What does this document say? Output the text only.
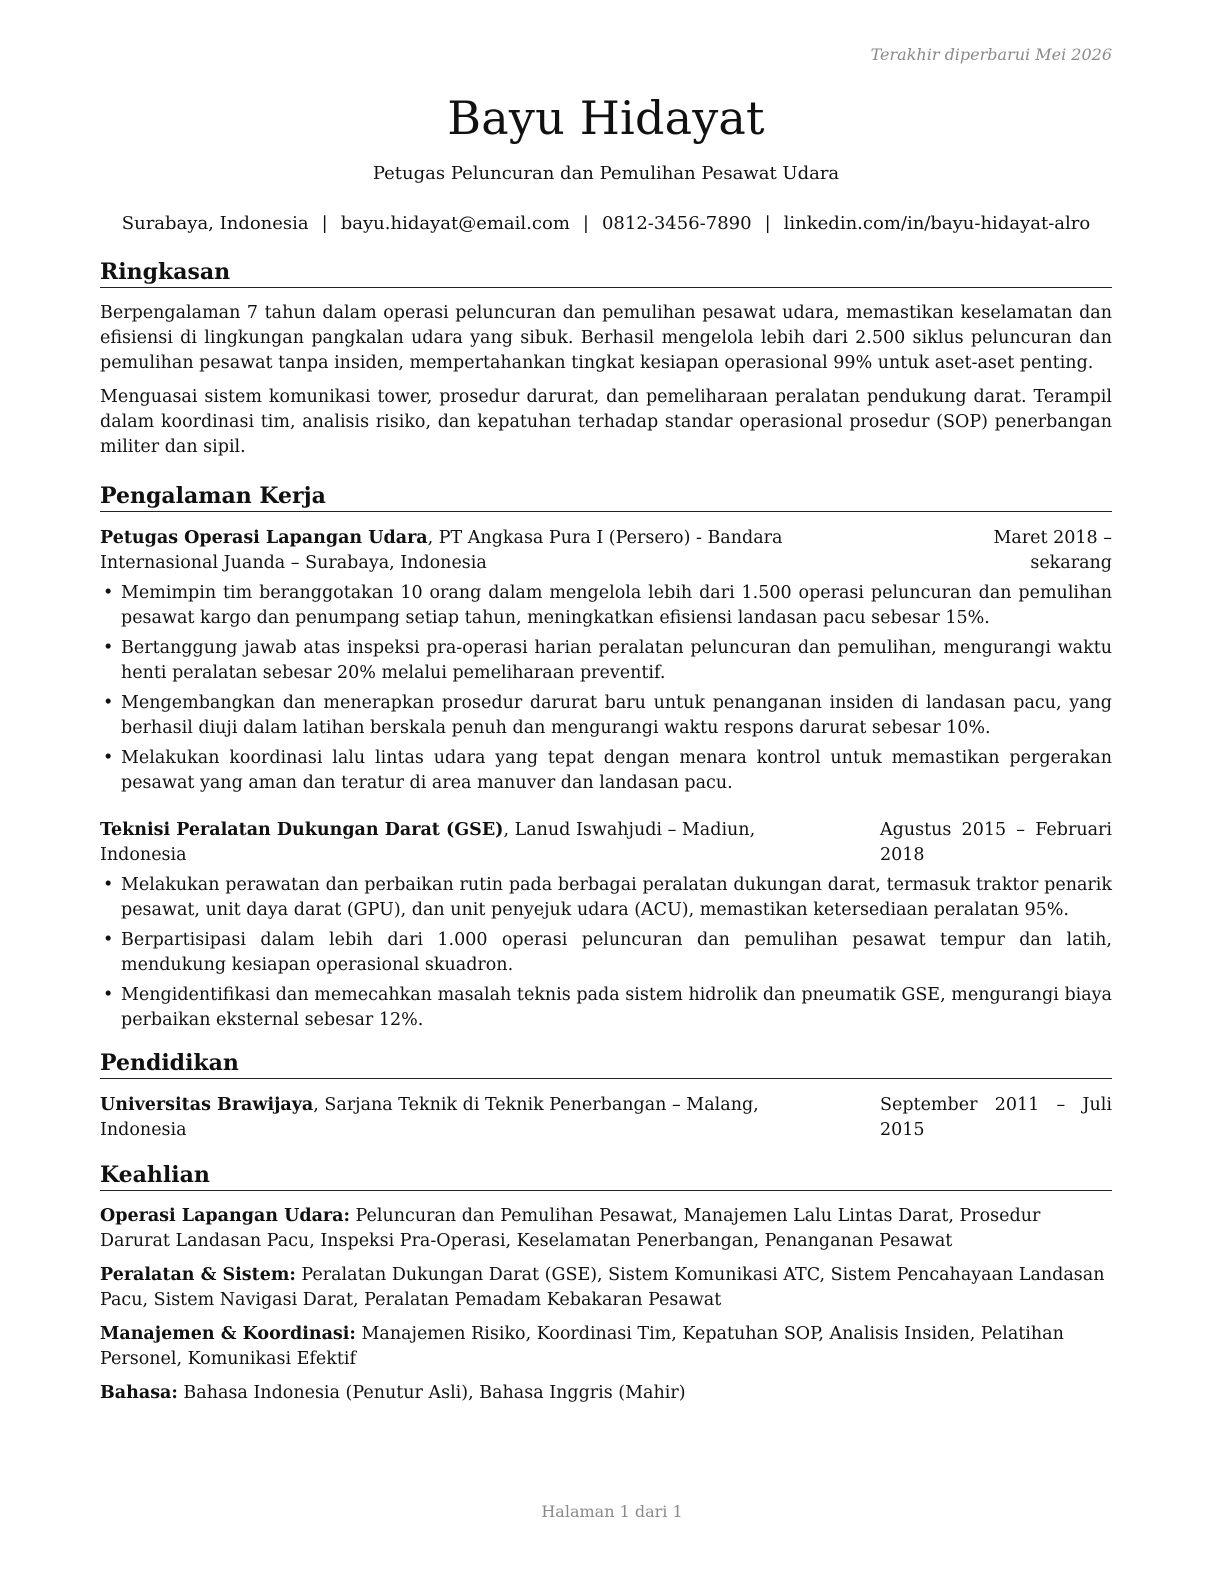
Terakhir diperbarui Mei 2026
Bayu Hidayat
Petugas Peluncuran dan Pemulihan Pesawat Udara
Surabaya, Indonesia | bayu.hidayat@email.com | 0812-3456-7890 | linkedin.com/in/bayu-hidayat-alro
Ringkasan

Berpengalaman 7 tahun dalam operasi peluncuran dan pemulihan pesawat udara, memastikan keselamatan dan efisiensi di lingkungan pangkalan udara yang sibuk. Berhasil mengelola lebih dari 2.500 siklus peluncuran dan pemulihan pesawat tanpa insiden, mempertahankan tingkat kesiapan operasional 99% untuk aset-aset penting.

Menguasai sistem komunikasi tower, prosedur darurat, dan pemeliharaan peralatan pendukung darat. Terampil dalam koordinasi tim, analisis risiko, dan kepatuhan terhadap standar operasional prosedur (SOP) penerbangan militer dan sipil.

Pengalaman Kerja
Petugas Operasi Lapangan Udara, PT Angkasa Pura I (Persero) - Bandara Internasional Juanda – Surabaya, Indonesia
Maret 2018 – sekarang
• Memimpin tim beranggotakan 10 orang dalam mengelola lebih dari 1.500 operasi peluncuran dan pemulihan pesawat kargo dan penumpang setiap tahun, meningkatkan efisiensi landasan pacu sebesar 15%.
• Bertanggung jawab atas inspeksi pra-operasi harian peralatan peluncuran dan pemulihan, mengurangi waktu henti peralatan sebesar 20% melalui pemeliharaan preventif.
• Mengembangkan dan menerapkan prosedur darurat baru untuk penanganan insiden di landasan pacu, yang berhasil diuji dalam latihan berskala penuh dan mengurangi waktu respons darurat sebesar 10%.
• Melakukan koordinasi lalu lintas udara yang tepat dengan menara kontrol untuk memastikan pergerakan pesawat yang aman dan teratur di area manuver dan landasan pacu.
Teknisi Peralatan Dukungan Darat (GSE), Lanud Iswahjudi – Madiun, Indonesia
Agustus 2015 – Februari 2018
• Melakukan perawatan dan perbaikan rutin pada berbagai peralatan dukungan darat, termasuk traktor penarik pesawat, unit daya darat (GPU), dan unit penyejuk udara (ACU), memastikan ketersediaan peralatan 95%.
• Berpartisipasi dalam lebih dari 1.000 operasi peluncuran dan pemulihan pesawat tempur dan latih, mendukung kesiapan operasional skuadron.
• Mengidentifikasi dan memecahkan masalah teknis pada sistem hidrolik dan pneumatik GSE, mengurangi biaya perbaikan eksternal sebesar 12%.
Pendidikan
Universitas Brawijaya, Sarjana Teknik di Teknik Penerbangan – Malang, Indonesia
September 2011 – Juli 2015
Keahlian
Operasi Lapangan Udara: Peluncuran dan Pemulihan Pesawat, Manajemen Lalu Lintas Darat, Prosedur Darurat Landasan Pacu, Inspeksi Pra-Operasi, Keselamatan Penerbangan, Penanganan Pesawat
Peralatan & Sistem: Peralatan Dukungan Darat (GSE), Sistem Komunikasi ATC, Sistem Pencahayaan Landasan Pacu, Sistem Navigasi Darat, Peralatan Pemadam Kebakaran Pesawat
Manajemen & Koordinasi: Manajemen Risiko, Koordinasi Tim, Kepatuhan SOP, Analisis Insiden, Pelatihan Personel, Komunikasi Efektif
Bahasa: Bahasa Indonesia (Penutur Asli), Bahasa Inggris (Mahir)
Halaman 1 dari 1
